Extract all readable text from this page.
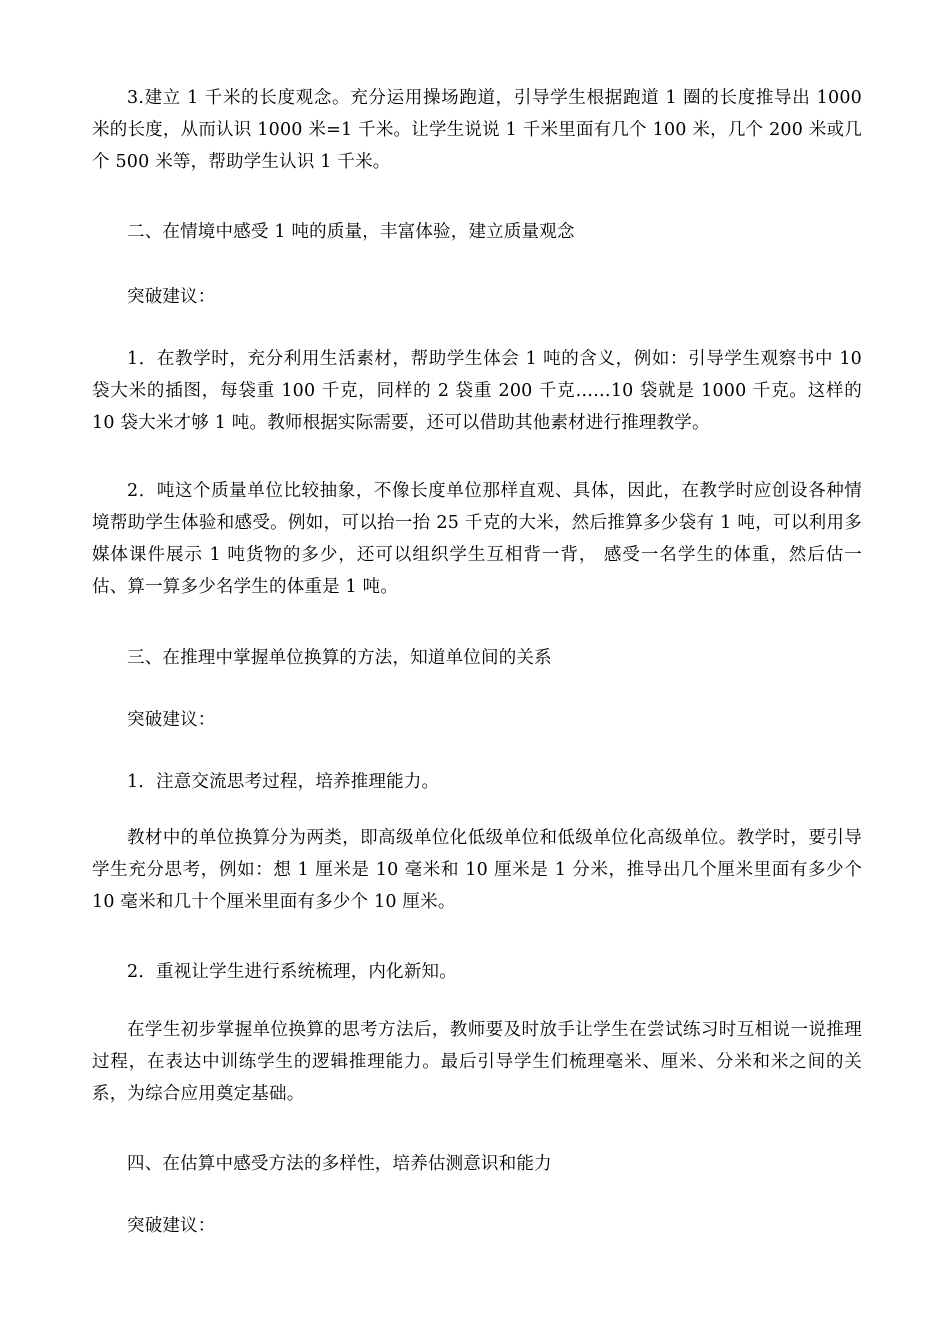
3.建立 1 千米的长度观念。充分运用操场跑道，引导学生根据跑道 1 圈的长度推导出 1000 米的长度，从而认识 1000 米=1 千米。让学生说说 1 千米里面有几个 100 米，几个 200 米或几个 500 米等，帮助学生认识 1 千米。

二、在情境中感受 1 吨的质量，丰富体验，建立质量观念

突破建议：

1．在教学时，充分利用生活素材，帮助学生体会 1 吨的含义，例如：引导学生观察书中 10 袋大米的插图，每袋重 100 千克，同样的 2 袋重 200 千克……10 袋就是 1000 千克。这样的 10 袋大米才够 1 吨。教师根据实际需要，还可以借助其他素材进行推理教学。

2．吨这个质量单位比较抽象，不像长度单位那样直观、具体，因此，在教学时应创设各种情境帮助学生体验和感受。例如，可以抬一抬 25 千克的大米，然后推算多少袋有 1 吨，可以利用多媒体课件展示 1 吨货物的多少，还可以组织学生互相背一背， 感受一名学生的体重，然后估一估、算一算多少名学生的体重是 1 吨。

三、在推理中掌握单位换算的方法，知道单位间的关系

突破建议：

1．注意交流思考过程，培养推理能力。

教材中的单位换算分为两类，即高级单位化低级单位和低级单位化高级单位。教学时，要引导学生充分思考，例如：想 1 厘米是 10 毫米和 10 厘米是 1 分米，推导出几个厘米里面有多少个 10 毫米和几十个厘米里面有多少个 10 厘米。

2．重视让学生进行系统梳理，内化新知。

在学生初步掌握单位换算的思考方法后，教师要及时放手让学生在尝试练习时互相说一说推理过程，在表达中训练学生的逻辑推理能力。最后引导学生们梳理毫米、厘米、分米和米之间的关系，为综合应用奠定基础。

四、在估算中感受方法的多样性，培养估测意识和能力

突破建议：
